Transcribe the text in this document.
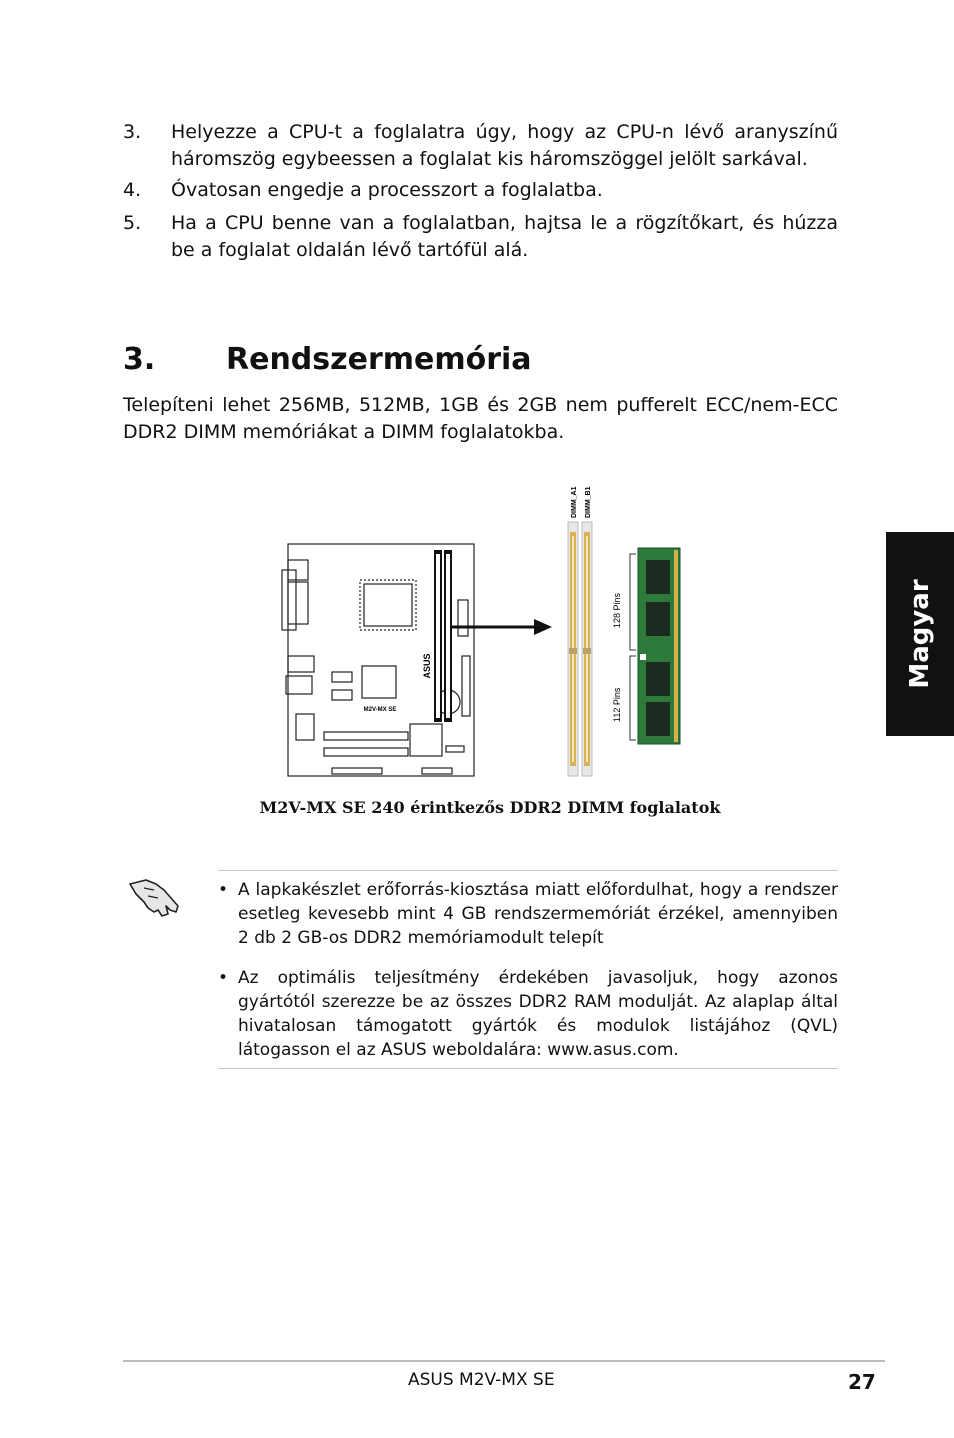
3. Helyezze a CPU-t a foglalatra úgy, hogy az CPU-n lévő aranyszínű háromszög egybeessen a foglalat kis háromszöggel jelölt sarkával.
4. Óvatosan engedje a processzort a foglalatba.
5. Ha a CPU benne van a foglalatban, hajtsa le a rögzítőkart, és húzza be a foglalat oldalán lévő tartófül alá.
3. Rendszermemória
Telepíteni lehet 256MB, 512MB, 1GB és 2GB nem pufferelt ECC/nem-ECC DDR2 DIMM memóriákat a DIMM foglalatokba.
Magyar
M2V-MX SE
ASUS
DIMM_A1 DIMM_B1
128 Pins
112 Pins
M2V-MX SE 240 érintkezős DDR2 DIMM foglalatok
• A lapkakészlet erőforrás-kiosztása miatt előfordulhat, hogy a rendszer esetleg kevesebb mint 4 GB rendszermemóriát érzékel, amennyiben 2 db 2 GB-os DDR2 memóriamodult telepít
• Az optimális teljesítmény érdekében javasoljuk, hogy azonos gyártótól szerezze be az összes DDR2 RAM modulját. Az alaplap által hivatalosan támogatott gyártók és modulok listájához (QVL) látogasson el az ASUS weboldalára: www.asus.com.
ASUS M2V-MX SE	27
